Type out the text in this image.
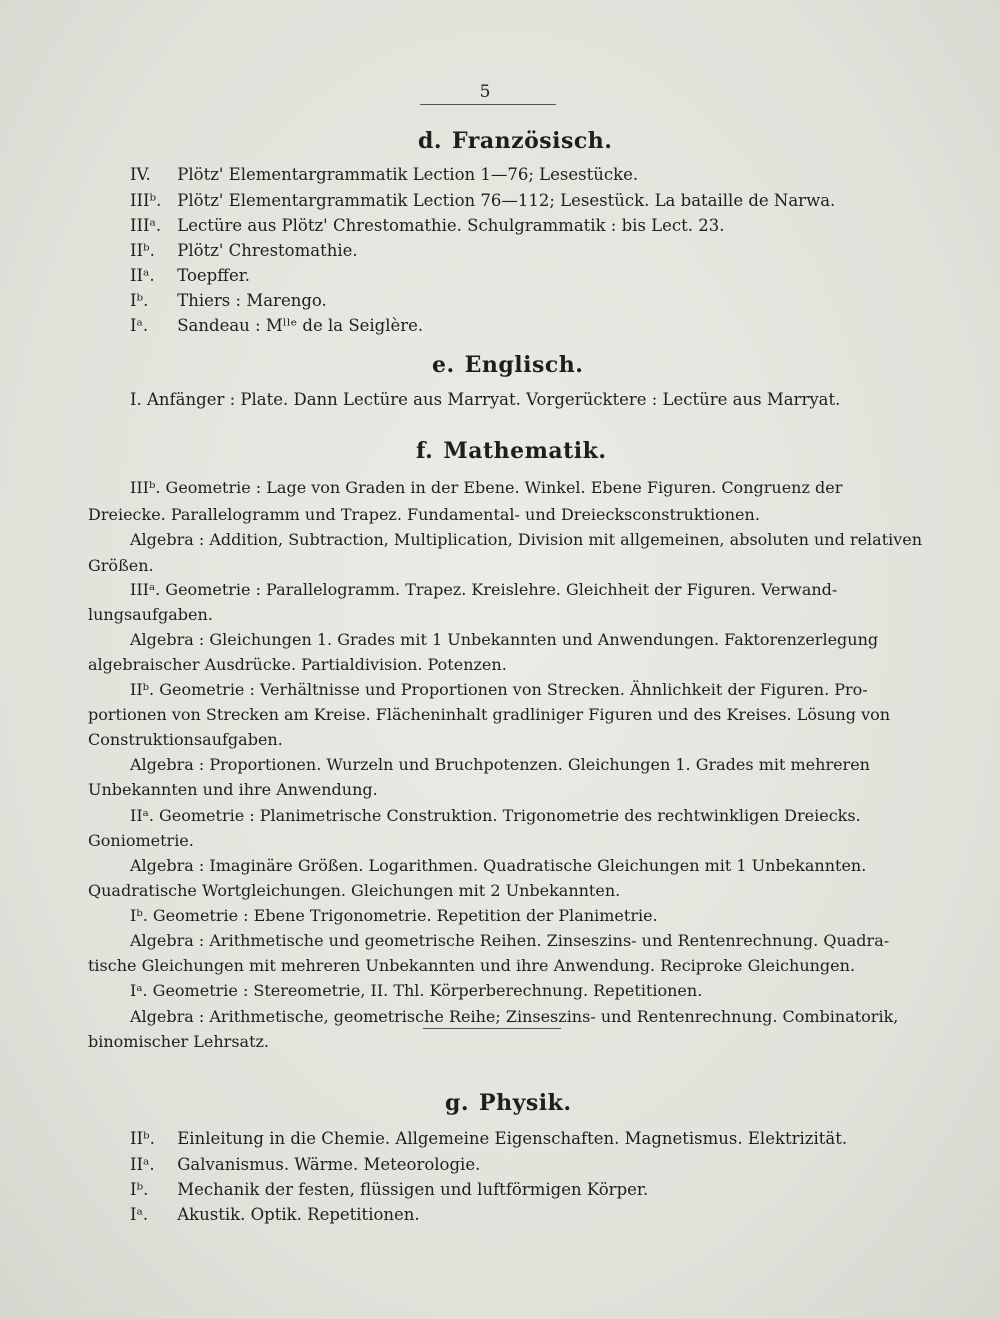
5
d. Französisch.
IV. Plötz' Elementargrammatik Lection 1—76; Lesestücke.
IIIᵇ. Plötz' Elementargrammatik Lection 76—112; Lesestück. La bataille de Narwa.
IIIᵃ. Lectüre aus Plötz' Chrestomathie. Schulgrammatik : bis Lect. 23.
IIᵇ. Plötz' Chrestomathie.
IIᵃ. Toepffer.
Iᵇ. Thiers : Marengo.
Iᵃ. Sandeau : Mˡˡᵉ de la Seiglère.
e. Englisch.
I. Anfänger : Plate. Dann Lectüre aus Marryat. Vorgerücktere : Lectüre aus Marryat.
f. Mathematik.
IIIᵇ. Geometrie : Lage von Graden in der Ebene. Winkel. Ebene Figuren. Congruenz der
Dreiecke. Parallelogramm und Trapez. Fundamental- und Dreiecksconstruktionen.
Algebra : Addition, Subtraction, Multiplication, Division mit allgemeinen, absoluten und relativen
Größen.
IIIᵃ. Geometrie : Parallelogramm. Trapez. Kreislehre. Gleichheit der Figuren. Verwand-
lungsaufgaben.
Algebra : Gleichungen 1. Grades mit 1 Unbekannten und Anwendungen. Faktorenzerlegung
algebraischer Ausdrücke. Partialdivision. Potenzen.
IIᵇ. Geometrie : Verhältnisse und Proportionen von Strecken. Ähnlichkeit der Figuren. Pro-
portionen von Strecken am Kreise. Flächeninhalt gradliniger Figuren und des Kreises. Lösung von
Construktionsaufgaben.
Algebra : Proportionen. Wurzeln und Bruchpotenzen. Gleichungen 1. Grades mit mehreren
Unbekannten und ihre Anwendung.
IIᵃ. Geometrie : Planimetrische Construktion. Trigonometrie des rechtwinkligen Dreiecks.
Goniometrie.
Algebra : Imaginäre Größen. Logarithmen. Quadratische Gleichungen mit 1 Unbekannten.
Quadratische Wortgleichungen. Gleichungen mit 2 Unbekannten.
Iᵇ. Geometrie : Ebene Trigonometrie. Repetition der Planimetrie.
Algebra : Arithmetische und geometrische Reihen. Zinseszins- und Rentenrechnung. Quadra-
tische Gleichungen mit mehreren Unbekannten und ihre Anwendung. Reciproke Gleichungen.
Iᵃ. Geometrie : Stereometrie, II. Thl. Körperberechnung. Repetitionen.
Algebra : Arithmetische, geometrische Reihe; Zinseszins- und Rentenrechnung. Combinatorik,
binomischer Lehrsatz.
g. Physik.
IIᵇ. Einleitung in die Chemie. Allgemeine Eigenschaften. Magnetismus. Elektrizität.
IIᵃ. Galvanismus. Wärme. Meteorologie.
Iᵇ. Mechanik der festen, flüssigen und luftförmigen Körper.
Iᵃ. Akustik. Optik. Repetitionen.
